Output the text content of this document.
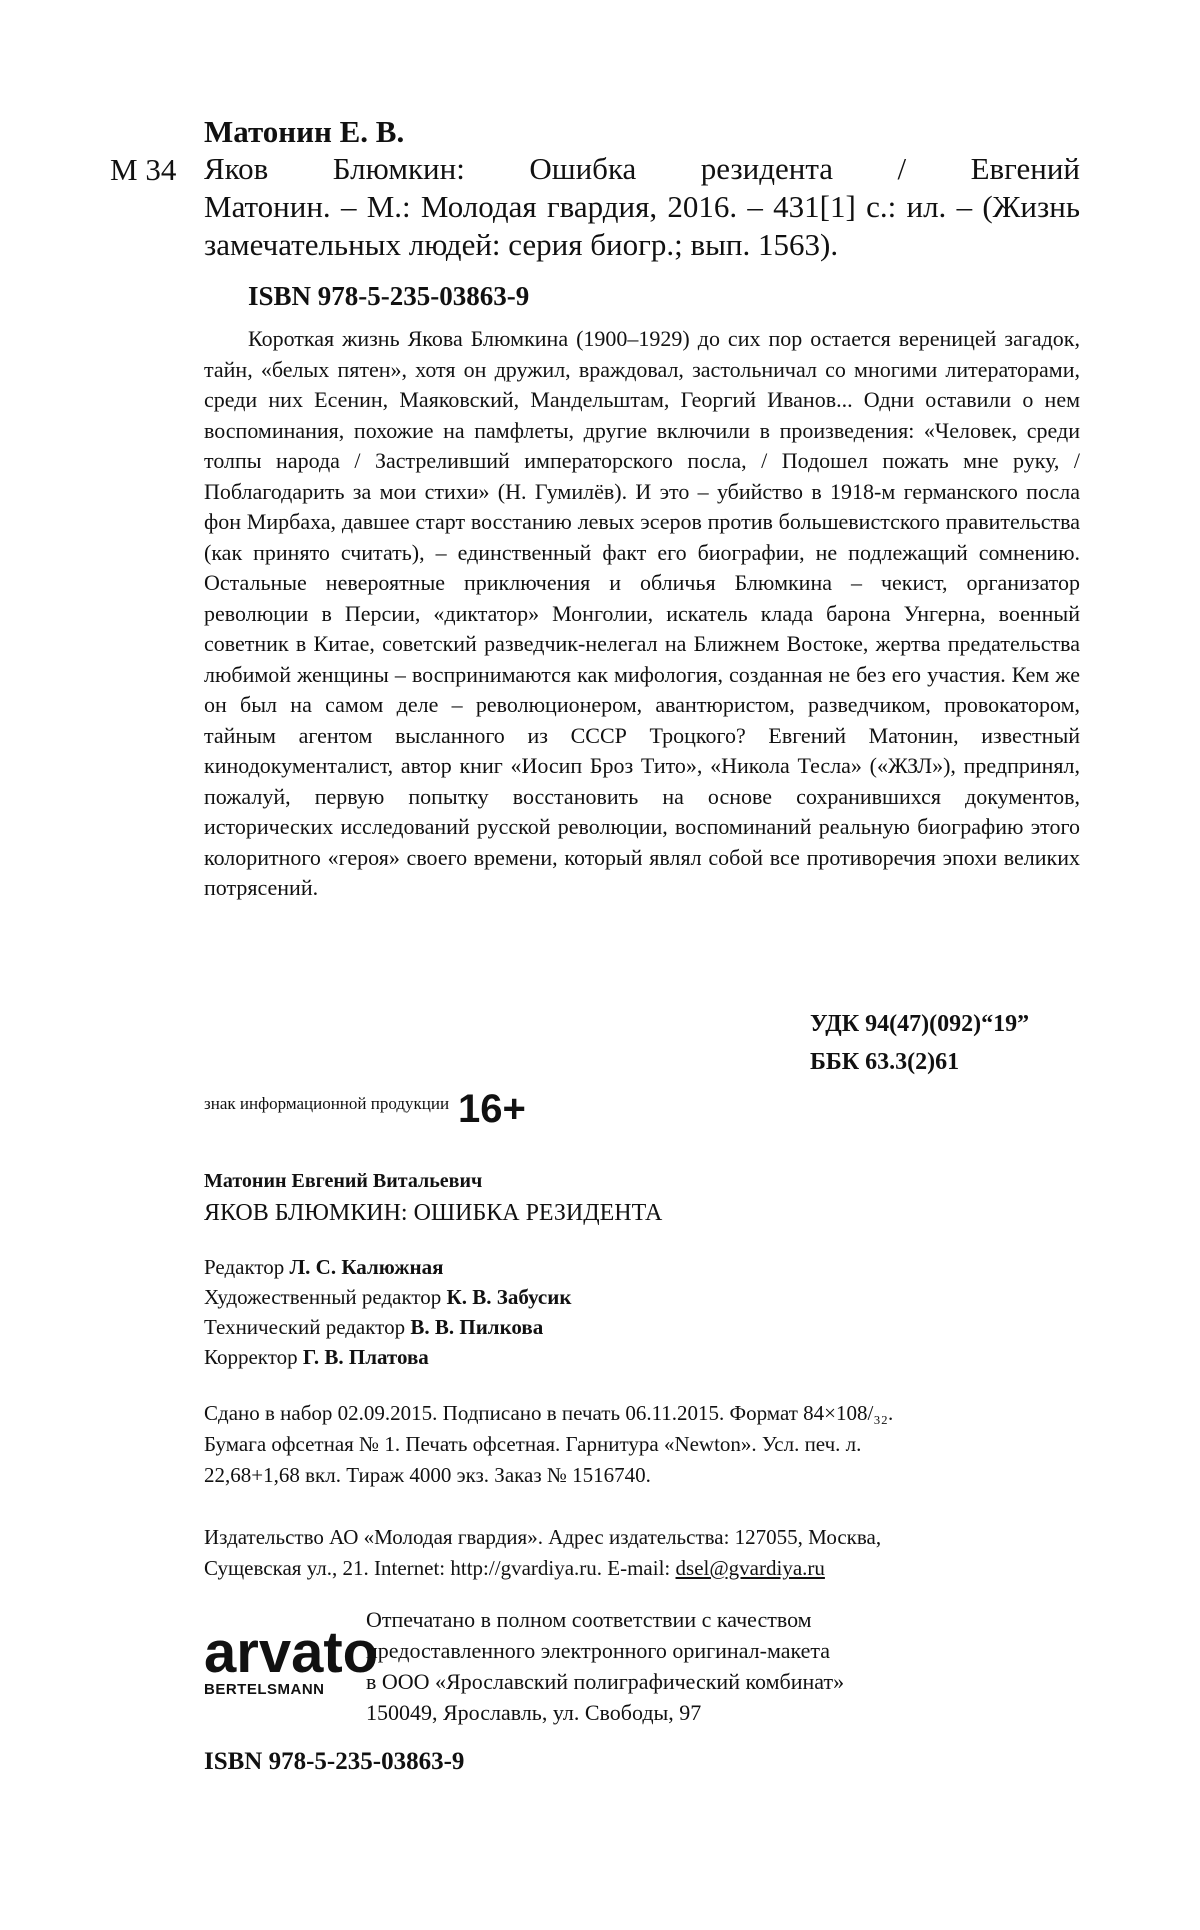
Матонин Е. В.
М 34 Яков Блюмкин: Ошибка резидента / Евгений
Матонин. – М.: Молодая гвардия, 2016. – 431[1] с.: ил. – (Жизнь замечательных людей: серия биогр.; вып. 1563).

ISBN 978-5-235-03863-9

Короткая жизнь Якова Блюмкина (1900–1929) до сих пор остается вереницей загадок, тайн, «белых пятен», хотя он дружил, враждовал, застольничал со многими литераторами, среди них Есенин, Маяковский, Мандельштам, Георгий Иванов... Одни оставили о нем воспоминания, похожие на памфлеты, другие включили в произведения: «Человек, среди толпы народа / Застреливший императорского посла, / Подошел пожать мне руку, / Поблагодарить за мои стихи» (Н. Гумилёв). И это – убийство в 1918-м германского посла фон Мирбаха, давшее старт восстанию левых эсеров против большевистского правительства (как принято считать), – единственный факт его биографии, не подлежащий сомнению. Остальные невероятные приключения и обличья Блюмкина – чекист, организатор революции в Персии, «диктатор» Монголии, искатель клада барона Унгерна, военный советник в Китае, советский разведчик-нелегал на Ближнем Востоке, жертва предательства любимой женщины – воспринимаются как мифология, созданная не без его участия. Кем же он был на самом деле – революционером, авантюристом, разведчиком, провокатором, тайным агентом высланного из СССР Троцкого? Евгений Матонин, известный кинодокументалист, автор книг «Иосип Броз Тито», «Никола Тесла» («ЖЗЛ»), предпринял, пожалуй, первую попытку восстановить на основе сохранившихся документов, исторических исследований русской революции, воспоминаний реальную биографию этого колоритного «героя» своего времени, который являл собой все противоречия эпохи великих потрясений.

УДК 94(47)(092)“19”
ББК 63.3(2)61
знак информационной продукции 16+
Матонин Евгений Витальевич
ЯКОВ БЛЮМКИН: ОШИБКА РЕЗИДЕНТА
Редактор Л. С. Калюжная
Художественный редактор К. В. Забусик
Технический редактор В. В. Пилкова
Корректор Г. В. Платова

Сдано в набор 02.09.2015. Подписано в печать 06.11.2015. Формат 84×108/₃₂.
Бумага офсетная № 1. Печать офсетная. Гарнитура «Newton». Усл. печ. л.
22,68+1,68 вкл. Тираж 4000 экз. Заказ № 1516740.

Издательство АО «Молодая гвардия». Адрес издательства: 127055, Москва,
Сущевская ул., 21. Internet: http://gvardiya.ru. E-mail: dsel@gvardiya.ru

arvato
BERTELSMANN

Отпечатано в полном соответствии с качеством
предоставленного электронного оригинал-макета
в ООО «Ярославский полиграфический комбинат»
150049, Ярославль, ул. Свободы, 97

ISBN 978-5-235-03863-9
